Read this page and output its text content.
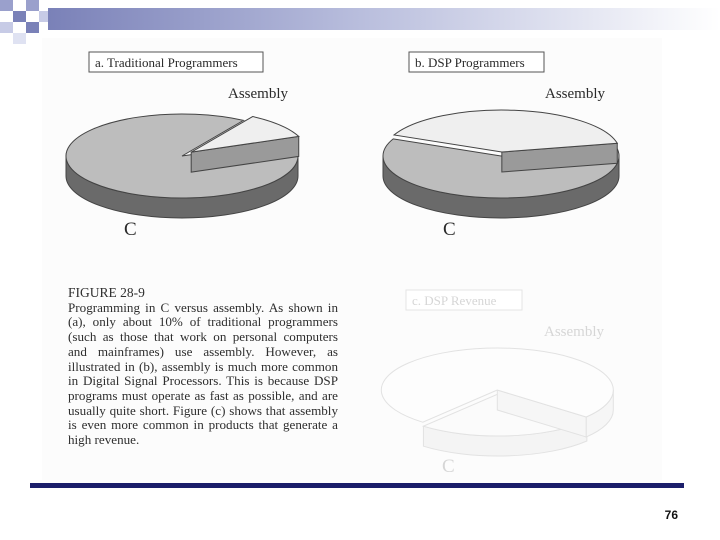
a. Traditional Programmers
Assembly
C
b. DSP Programmers
Assembly
C
c. DSP Revenue
Assembly
C
FIGURE 28-9
Programming in C versus assembly. As shown in (a), only about 10% of traditional programmers (such as those that work on personal computers and mainframes) use assembly. However, as illustrated in (b), assembly is much more common in Digital Signal Processors. This is because DSP programs must operate as fast as possible, and are usually quite short. Figure (c) shows that assembly is even more common in products that generate a high revenue.
76
